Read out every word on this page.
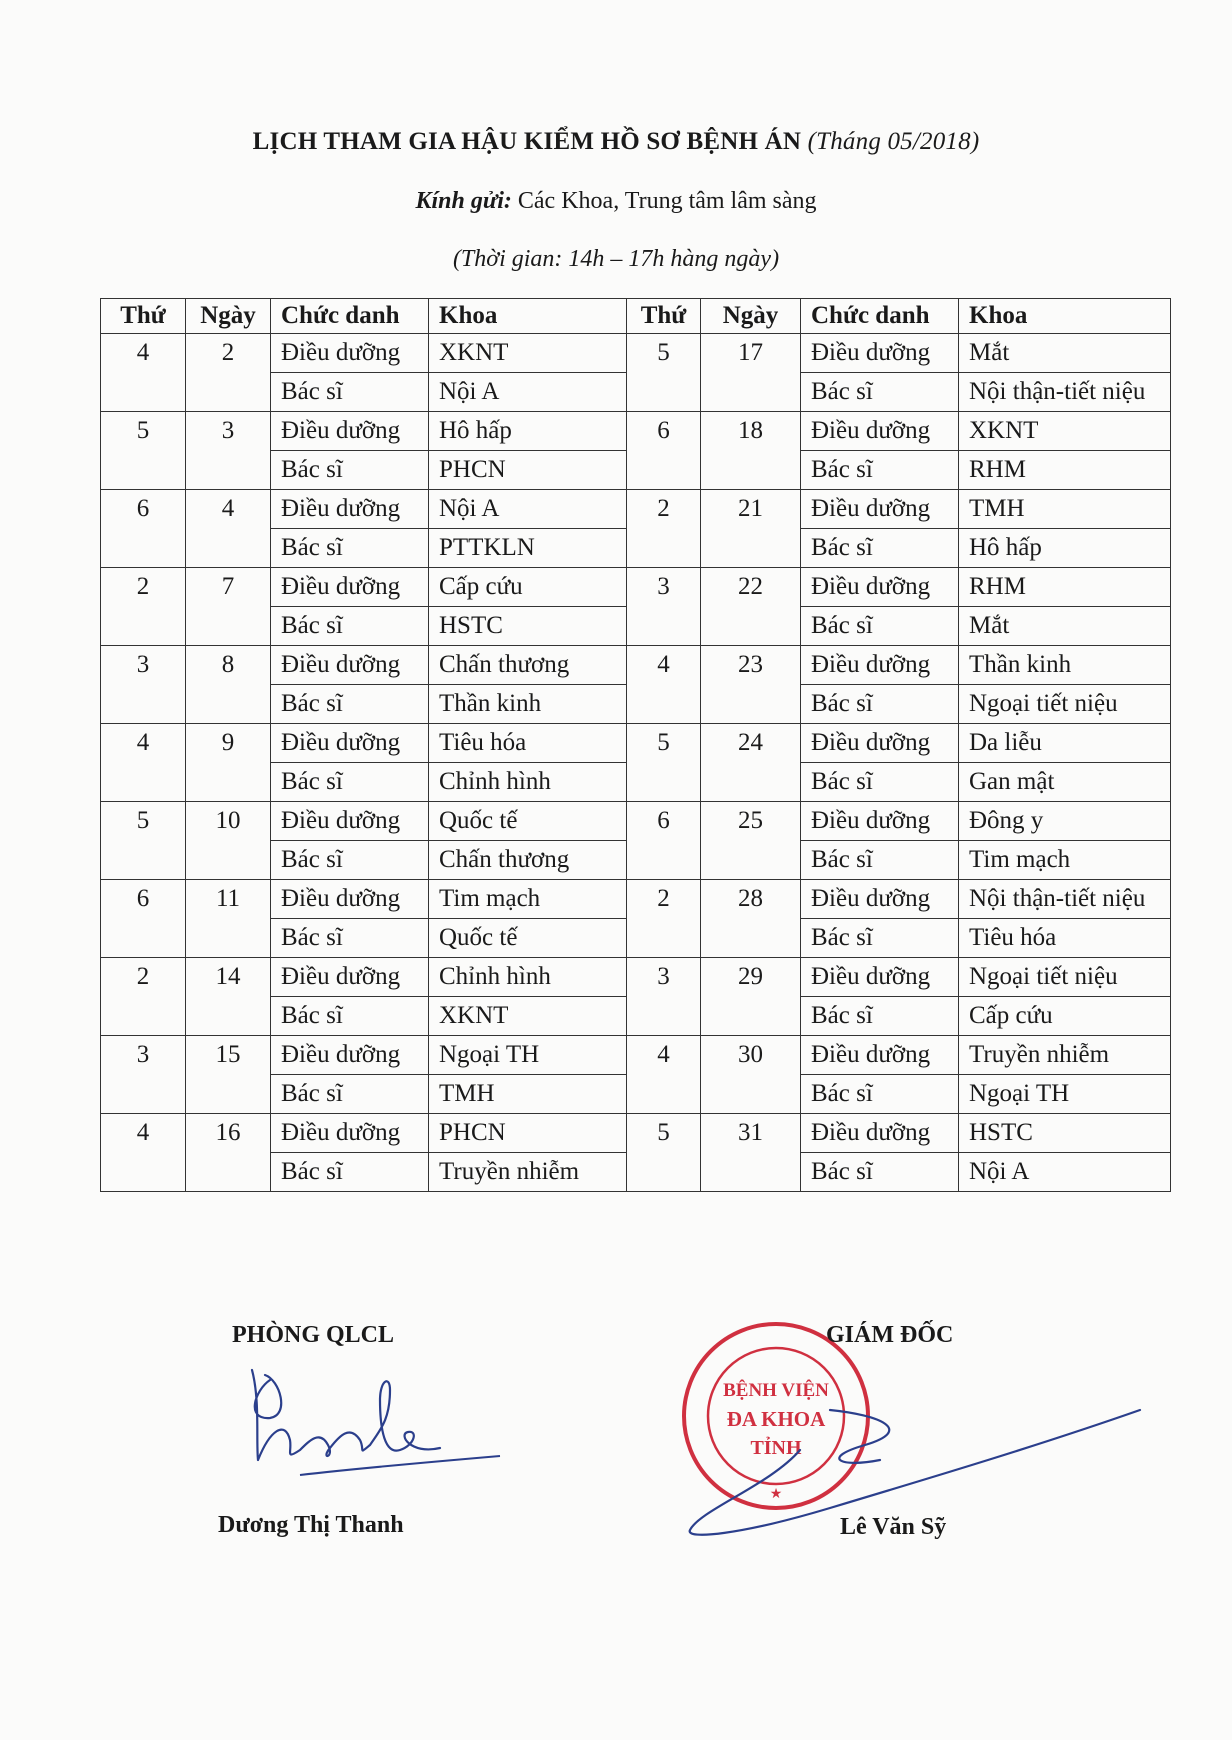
LỊCH THAM GIA HẬU KIỂM HỒ SƠ BỆNH ÁN (Tháng 05/2018)
Kính gửi: Các Khoa, Trung tâm lâm sàng
(Thời gian: 14h – 17h hàng ngày)
Thứ	Ngày	Chức danh	Khoa	Thứ	Ngày	Chức danh	Khoa
4	2	Điều dưỡng	XKNT	5	17	Điều dưỡng	Mắt
		Bác sĩ	Nội A			Bác sĩ	Nội thận-tiết niệu
5	3	Điều dưỡng	Hô hấp	6	18	Điều dưỡng	XKNT
		Bác sĩ	PHCN			Bác sĩ	RHM
6	4	Điều dưỡng	Nội A	2	21	Điều dưỡng	TMH
		Bác sĩ	PTTKLN			Bác sĩ	Hô hấp
2	7	Điều dưỡng	Cấp cứu	3	22	Điều dưỡng	RHM
		Bác sĩ	HSTC			Bác sĩ	Mắt
3	8	Điều dưỡng	Chấn thương	4	23	Điều dưỡng	Thần kinh
		Bác sĩ	Thần kinh			Bác sĩ	Ngoại tiết niệu
4	9	Điều dưỡng	Tiêu hóa	5	24	Điều dưỡng	Da liễu
		Bác sĩ	Chỉnh hình			Bác sĩ	Gan mật
5	10	Điều dưỡng	Quốc tế	6	25	Điều dưỡng	Đông y
		Bác sĩ	Chấn thương			Bác sĩ	Tim mạch
6	11	Điều dưỡng	Tim mạch	2	28	Điều dưỡng	Nội thận-tiết niệu
		Bác sĩ	Quốc tế			Bác sĩ	Tiêu hóa
2	14	Điều dưỡng	Chỉnh hình	3	29	Điều dưỡng	Ngoại tiết niệu
		Bác sĩ	XKNT			Bác sĩ	Cấp cứu
3	15	Điều dưỡng	Ngoại TH	4	30	Điều dưỡng	Truyền nhiễm
		Bác sĩ	TMH			Bác sĩ	Ngoại TH
4	16	Điều dưỡng	PHCN	5	31	Điều dưỡng	HSTC
		Bác sĩ	Truyền nhiễm			Bác sĩ	Nội A
PHÒNG QLCL
Dương Thị Thanh
BỆNH VIỆN
ĐA KHOA
TỈNH
★
GIÁM ĐỐC
Lê Văn Sỹ
